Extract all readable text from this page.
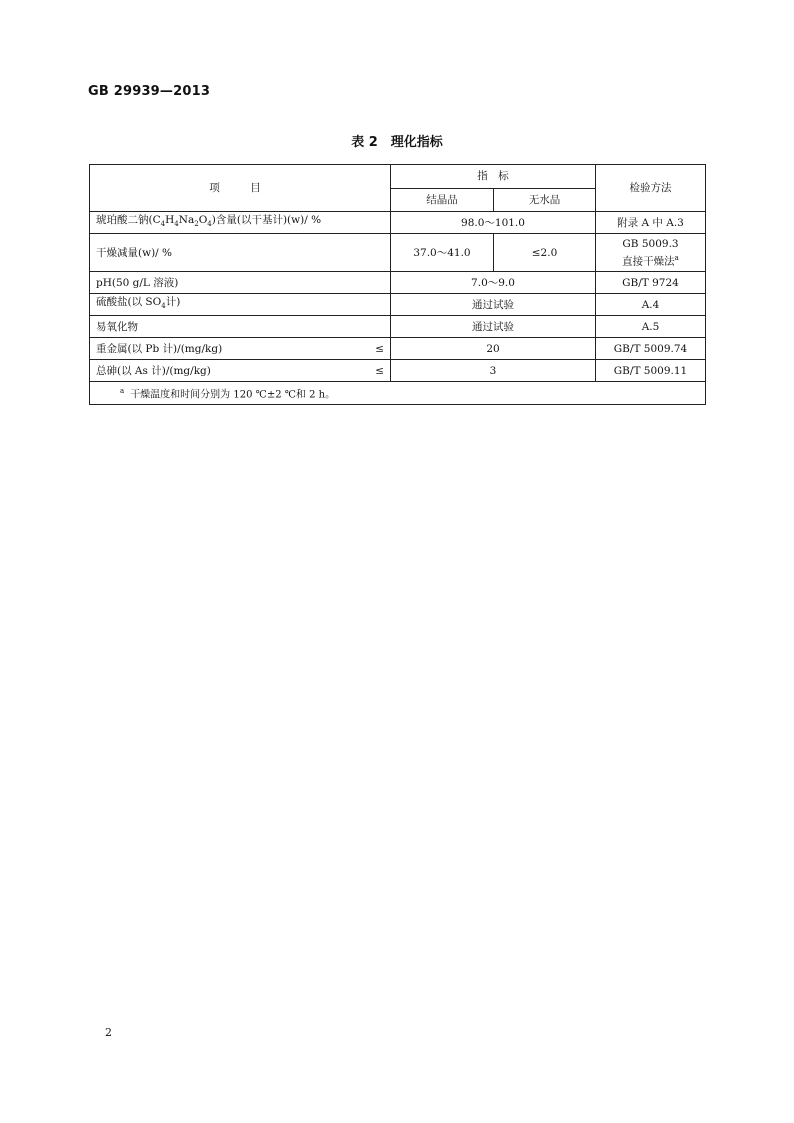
GB 29939—2013
表 2　理化指标
项　目	指　标		检验方法
	结晶品	无水品	
琥珀酸二钠$(C_4H_4Na_2O_4)$含量(以干基计)(w)/ %	98.0～101.0		附录 A 中 A.3
干燥减量(w)/ %	37.0～41.0	≤2.0	GB 5009.3
直接干燥法$^a$

pH(50 g/L 溶液)	7.0～9.0		GB/T 9724
硫酸盐(以 $SO_4$计)	通过试验		A.4
易氧化物	通过试验		A.5

重金属(以 Pb 计)/(mg/kg) ≤	20		GB/T 5009.74

总砷(以 As 计)/(mg/kg) ≤	3		GB/T 5009.11
$^a$ 干燥温度和时间分别为 120 ℃±2 ℃和 2 h。			
2
